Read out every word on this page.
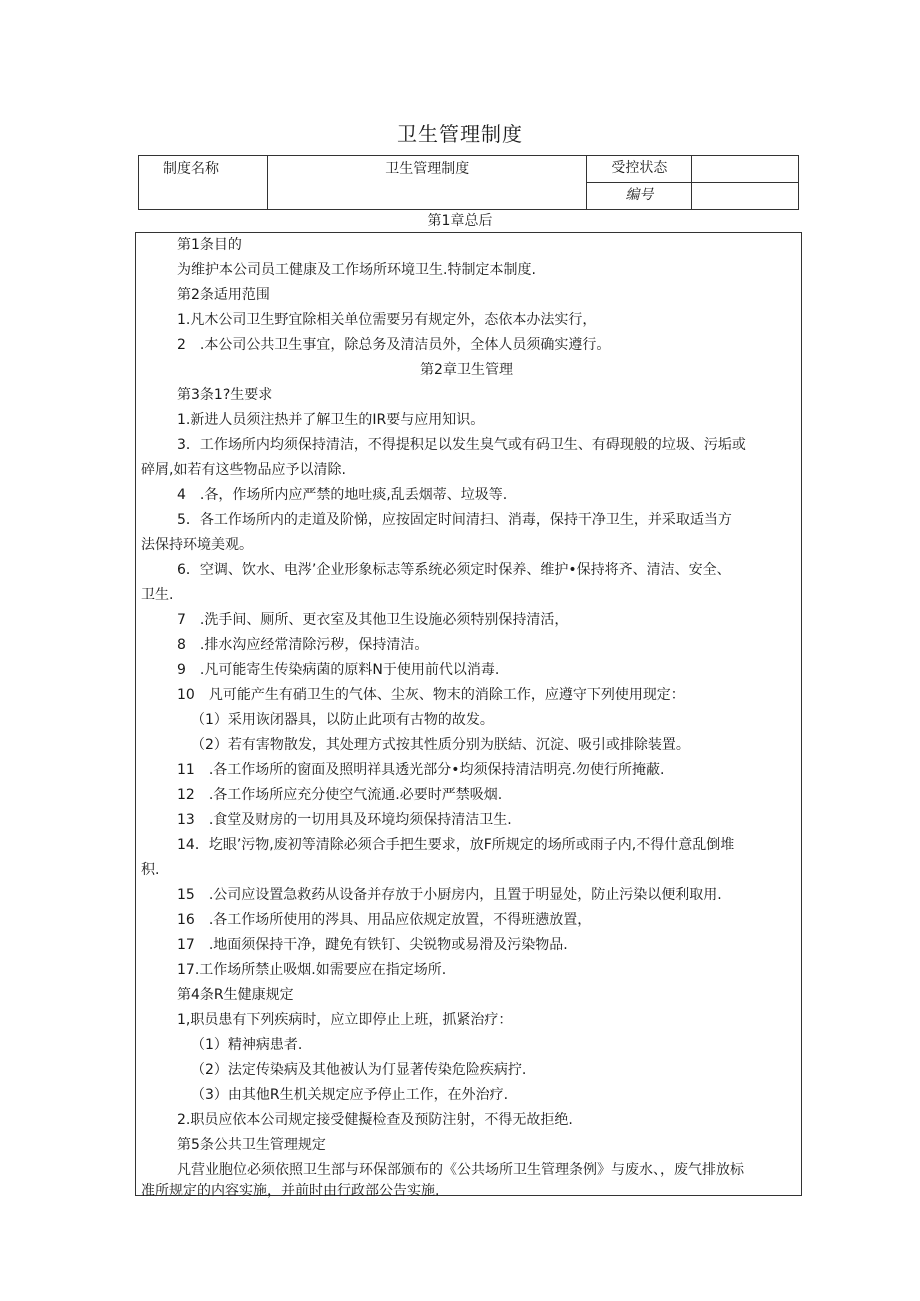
卫生管理制度
制度名称	卫生管理制度	受控状态	
		编号	
第1章总后
第1条目的
为维护本公司员工健康及工作场所环境卫生.特制定本制度.
第2条适用范围
1.凡木公司卫生野宜除相关单位需要另有规定外，态依本办法实行，
2　.本公司公共卫生事宜，除总务及清洁员外，全体人员须确实遵行。
第2章卫生管理
第3条1?生要求
1.新进人员须注热并了解卫生的IR要与应用知识。
3．工作场所内均须保持清洁，不得提积足以发生臭气或有码卫生、有碍现般的垃圾、污垢或
碎屑,如若有这些物品应予以清除.
4　.各，作场所内应严禁的地吐痰,乱丢烟蒂、垃圾等.
5．各工作场所内的走道及阶悌，应按固定时间清扫、消毒，保持干净卫生，并采取适当方
法保持环境美观。
6．空调、饮水、电涔’企业形象标志等系统必须定时保养、维护•保持将齐、清洁、安全、
卫生.
7　.洗手间、厕所、更衣室及其他卫生设施必须特别保持清活，
8　.排水沟应经常清除污秽，保持清洁。
9　.凡可能寄生传染病菌的原料N于使用前代以消毒.
10　凡可能产生有硝卫生的气体、尘灰、物末的消除工作，应遵守下列使用现定：
（1）采用诙闭器具，以防止此项有古物的故发。
（2）若有害物散发，其处理方式按其性质分别为朕結、沉淀、吸引或排除装置。
11　.各工作场所的窗面及照明祥具透光部分•均须保持清洁明亮.勿使行所掩蔽.
12　.各工作场所应充分使空气流通.必要时严禁吸烟.
13　.食堂及财房的一切用具及环境均须保持清洁卫生.
14．圪眼’污物,废初等清除必须合手把生要求，放F所规定的场所或雨子内,不得什意乱倒堆
积.
15　.公司应设置急救药从设备并存放于小厨房内，且置于明显处，防止污染以便利取用.
16　.各工作场所使用的涔具、用品应依规定放置，不得班懑放置，
17　.地面须保持干净，踺免有铁钉、尖锐物或易滑及污染物品.
17.工作场所禁止吸烟.如需要应在指定场所.
第4条R生健康规定
1,职员患有下列疾病时，应立即停止上班，抓紧治疗：
（1）精神病患者.
（2）法定传染病及其他被认为仃显著传染危险疾病拧.
（3）由其他R生机关规定应予停止工作，在外治疗.
2.职员应依本公司规定接受健擬检查及预防注射，不得无故拒绝.
第5条公共卫生管理规定
凡营业胞位必须依照卫生部与环保部颁布的《公共场所卫生管理条例》与废水、，废气排放标
准所规定的内容实施，并前时由行政部公告实施.
